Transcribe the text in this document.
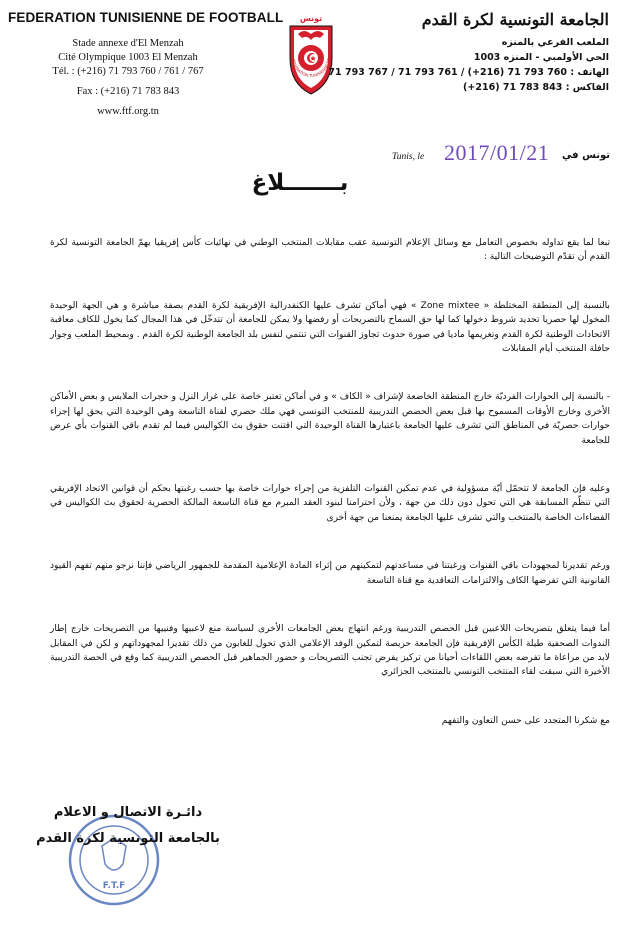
FEDERATION TUNISIENNE DE FOOTBALL
Stade annexe d'El Menzah
Cité Olympique 1003 El Menzah
Tél. : (+216) 71 793 760 / 761 / 767
Fax : (+216) 71 783 843
www.ftf.org.tn
تونس
FEDERATION TUNISIENNE DE
الجامعة التونسية لكرة القدم
الملعب الفرعي بالمنزه
الحي الأولمبي - المنزه 1003
الهاتف : 760 793 71 (216+) / 761 793 71 / 767 793 71
الفاكس : 843 783 71 (216+)
Tunis, le 2017/01/21 تونس في
بـــــــلاغ

تبعا لما يقع تداوله بخصوص التعامل مع وسائل الإعلام التونسية عقب مقابلات المنتخب الوطني في نهائيات كأس إفريقيا يهمّ الجامعة التونسية لكرة القدم أن تقدّم التوضيحات التالية :

بالنسبة إلى المنطقة المختلطة « Zone mixtee » فهي أماكن تشرف عليها الكنفدرالية الإفريقية لكرة القدم بصفة مباشرة و هي الجهة الوحيدة المخول لها حصريا تحديد شروط دخولها كما لها حق السماح بالتصريحات أو رفضها ولا يمكن للجامعة أن تتدخّل في هذا المجال كما يخول للكاف معاقبة الاتحادات الوطنية لكرة القدم وتغريمها ماديا في صورة حدوث تجاوز القنوات التي تنتمي لنفس بلد الجامعة الوطنية لكرة القدم . وبمحيط الملعب وجوار حافلة المنتخب أيام المقابلات

- بالنسبة إلى الحوارات الفرديّة خارج المنطقة الخاضعة لإشراف « الكاف » و في أماكن تعتبر خاصة على غرار النزل و حجرات الملابس و بعض الأماكن الأخرى وخارج الأوقات المسموح بها قبل بعض الحصص التدريبية للمنتخب التونسي فهي ملك حصري لقناة التاسعة وهي الوحيدة التي يحق لها إجراء حوارات حصريّة في المناطق التي تشرف عليها الجامعة باعتبارها القناة الوحيدة التي اقتنت حقوق بث الكواليس فيما لم تقدم باقي القنوات بأي عرض للجامعة

وعليه فإن الجامعة لا تتحمّل أيّة مسؤولية في عدم تمكين القنوات التلفزية من إجراء حوارات خاصة بها حسب رغبتها بحكم أن قوانين الاتحاد الإفريقي التي تنظّم المسابقة هي التي تحول دون ذلك من جهة ، ولأن احترامنا لبنود العقد المبرم مع قناة التاسعة المالكة الحصرية لحقوق بث الكواليس في الفضاءات الخاصة بالمنتخب والتي تشرف عليها الجامعة يمنعنا من جهة أخرى

ورغم تقديرنا لمجهودات باقي القنوات ورغبتنا في مساعدتهم لتمكينهم من إثراء المادة الإعلامية المقدمة للجمهور الرياضي فإننا نرجو منهم تفهم القيود القانونية التي تفرضها الكاف والالتزامات التعاقدية مع قناة التاسعة

أما فيما يتعلق بتصريحات اللاعبين قبل الحصص التدريبية ورغم انتهاج بعض الجامعات الأخرى لسياسة منع لاعبيها وفنييها من التصريحات خارج إطار الندوات الصحفية طيلة الكأس الإفريقية فإن الجامعة حريصة لتمكين الوفد الإعلامي الذي تحول للغابون من ذلك تقديرا لمجهوداتهم و لكن في المقابل لابد من مراعاة ما تفرضه بعض اللقاءات أحيانا من تركيز يفرض تجنب التصريحات و حضور الجماهير قبل الحصص التدريبية كما وقع في الحصة التدريبية الأخيرة التي سبقت لقاء المنتخب التونسي بالمنتخب الجزائري

مع شكرنا المتجدد على حسن التعاون والتفهم

F.T.F
دائـرة الاتصال و الاعلام
بالجامعة التونسية لكرة القدم
